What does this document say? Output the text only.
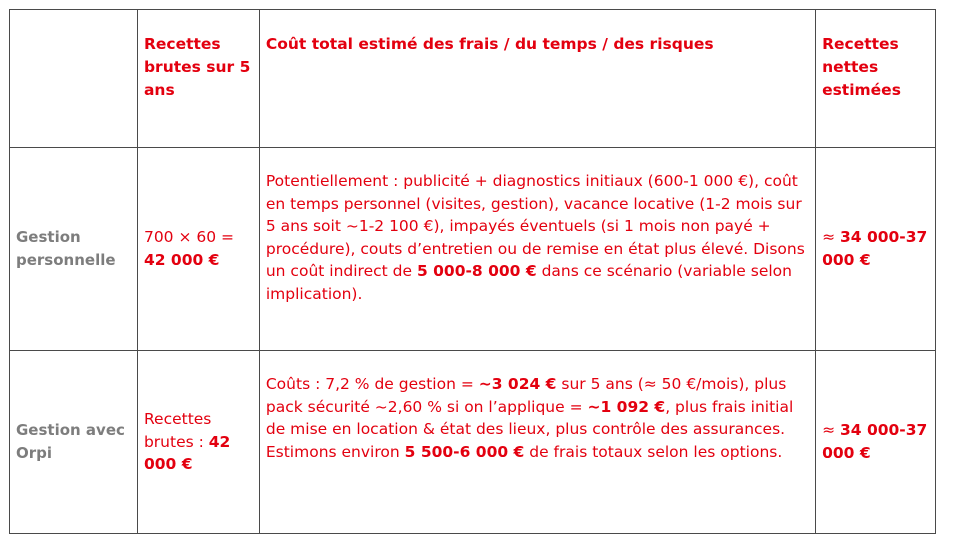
	Recettes brutes sur 5 ans	Coût total estimé des frais / du temps / des risques	Recettes nettes estimées
Gestion personnelle	700 × 60 = 42 000 €	Potentiellement : publicité + diagnostics initiaux (600-1 000 €), coût en temps personnel (visites, gestion), vacance locative (1-2 mois sur 5 ans soit ~1-2 100 €), impayés éventuels (si 1 mois non payé + procédure), couts d’entretien ou de remise en état plus élevé. Disons un coût indirect de 5 000-8 000 € dans ce scénario (variable selon implication).	≈ 34 000-37 000 €
Gestion avec Orpi	Recettes brutes : 42 000 €	Coûts : 7,2 % de gestion = ~3 024 € sur 5 ans (≈ 50 €/mois), plus pack sécurité ~2,60 % si on l’applique = ~1 092 €, plus frais initial de mise en location & état des lieux, plus contrôle des assurances. Estimons environ 5 500-6 000 € de frais totaux selon les options.	≈ 34 000-37 000 €
